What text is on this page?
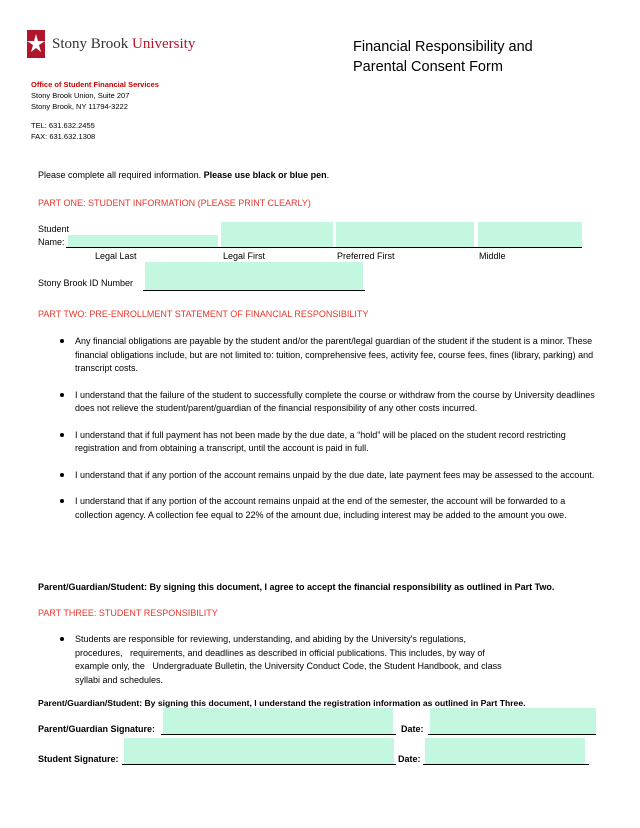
Stony Brook University	Financial Responsibility and
Parental Consent Form
Office of Student Financial Services
Stony Brook Union, Suite 207
Stony Brook, NY 11794-3222
TEL: 631.632.2455
FAX: 631.632.1308
Please complete all required information. Please use black or blue pen.
PART ONE: STUDENT INFORMATION (PLEASE PRINT CLEARLY)
Student
Name:
Legal Last	Legal First	Preferred First	Middle
Stony Brook ID Number
PART TWO: PRE-ENROLLMENT STATEMENT OF FINANCIAL RESPONSIBILITY
Any financial obligations are payable by the student and/or the parent/legal guardian of the student if the student is a minor. These financial obligations include, but are not limited to: tuition, comprehensive fees, activity fee, course fees, fines (library, parking) and transcript costs.
I understand that the failure of the student to successfully complete the course or withdraw from the course by University deadlines does not relieve the student/parent/guardian of the financial responsibility of any other costs incurred.
I understand that if full payment has not been made by the due date, a “hold” will be placed on the student record restricting registration and from obtaining a transcript, until the account is paid in full.
I understand that if any portion of the account remains unpaid by the due date, late payment fees may be assessed to the account.
I understand that if any portion of the account remains unpaid at the end of the semester, the account will be forwarded to a collection agency. A collection fee equal to 22% of the amount due, including interest may be added to the amount you owe.
Parent/Guardian/Student: By signing this document, I agree to accept the financial responsibility as outlined in Part Two.
PART THREE: STUDENT RESPONSIBILITY
Students are responsible for reviewing, understanding, and abiding by the University's regulations,
procedures,   requirements, and deadlines as described in official publications. This includes, by way of
example only, the   Undergraduate Bulletin, the University Conduct Code, the Student Handbook, and class
syllabi and schedules.
Parent/Guardian/Student: By signing this document, I understand the registration information as outlined in Part Three.
Parent/Guardian Signature:	Date:
Student Signature:	Date:
